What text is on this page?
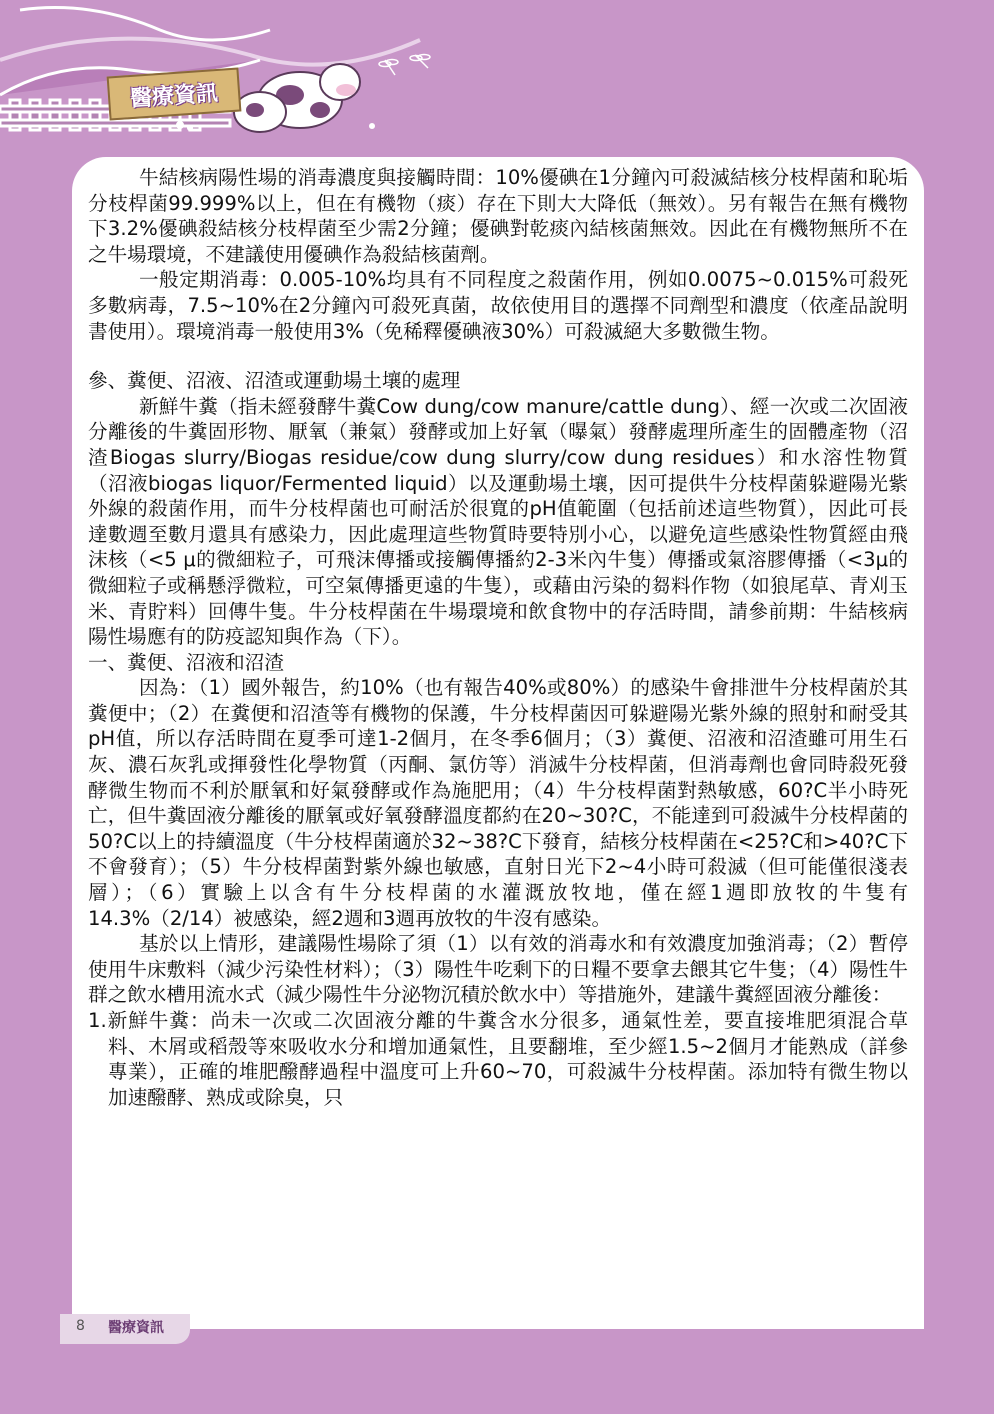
醫療資訊

牛結核病陽性場的消毒濃度與接觸時間：10%優碘在1分鐘內可殺滅結核分枝桿菌和恥垢分枝桿菌99.999%以上，但在有機物（痰）存在下則大大降低（無效）。另有報告在無有機物下3.2%優碘殺結核分枝桿菌至少需2分鐘；優碘對乾痰內結核菌無效。因此在有機物無所不在之牛場環境，不建議使用優碘作為殺結核菌劑。

一般定期消毒：0.005-10%均具有不同程度之殺菌作用，例如0.0075~0.015%可殺死多數病毒，7.5~10%在2分鐘內可殺死真菌，故依使用目的選擇不同劑型和濃度（依產品說明書使用）。環境消毒一般使用3%（免稀釋優碘液30%）可殺滅絕大多數微生物。

參、糞便、沼液、沼渣或運動場土壤的處理

新鮮牛糞（指未經發酵牛糞Cow dung/cow manure/cattle dung）、經一次或二次固液分離後的牛糞固形物、厭氧（兼氣）發酵或加上好氧（曝氣）發酵處理所產生的固體產物（沼渣Biogas slurry/Biogas residue/cow dung slurry/cow dung residues）和水溶性物質（沼液biogas liquor/Fermented liquid）以及運動場土壤，因可提供牛分枝桿菌躲避陽光紫外線的殺菌作用，而牛分枝桿菌也可耐活於很寬的pH值範圍（包括前述這些物質），因此可長達數週至數月還具有感染力，因此處理這些物質時要特別小心，以避免這些感染性物質經由飛沫核（<5 μ的微細粒子，可飛沫傳播或接觸傳播約2-3米內牛隻）傳播或氣溶膠傳播（<3μ的微細粒子或稱懸浮微粒，可空氣傳播更遠的牛隻），或藉由污染的芻料作物（如狼尾草、青刈玉米、青貯料）回傳牛隻。牛分枝桿菌在牛場環境和飲食物中的存活時間，請參前期：牛結核病陽性場應有的防疫認知與作為（下）。

一、糞便、沼液和沼渣

因為：（1）國外報告，約10%（也有報告40%或80%）的感染牛會排泄牛分枝桿菌於其糞便中；（2）在糞便和沼渣等有機物的保護，牛分枝桿菌因可躲避陽光紫外線的照射和耐受其pH值，所以存活時間在夏季可達1-2個月，在冬季6個月；（3）糞便、沼液和沼渣雖可用生石灰、濃石灰乳或揮發性化學物質（丙酮、氯仿等）消滅牛分枝桿菌，但消毒劑也會同時殺死發酵微生物而不利於厭氧和好氣發酵或作為施肥用；（4）牛分枝桿菌對熱敏感，60?C半小時死亡，但牛糞固液分離後的厭氧或好氧發酵溫度都約在20~30?C，不能達到可殺滅牛分枝桿菌的50?C以上的持續溫度（牛分枝桿菌適於32~38?C下發育，結核分枝桿菌在<25?C和>40?C下不會發育）；（5）牛分枝桿菌對紫外線也敏感，直射日光下2~4小時可殺滅（但可能僅很淺表層）；（6）實驗上以含有牛分枝桿菌的水灌溉放牧地，僅在經1週即放牧的牛隻有14.3%（2/14）被感染，經2週和3週再放牧的牛沒有感染。

基於以上情形，建議陽性場除了須（1）以有效的消毒水和有效濃度加強消毒；（2）暫停使用牛床敷料（減少污染性材料）；（3）陽性牛吃剩下的日糧不要拿去餵其它牛隻；（4）陽性牛群之飲水槽用流水式（減少陽性牛分泌物沉積於飲水中）等措施外，建議牛糞經固液分離後：

1.新鮮牛糞：尚未一次或二次固液分離的牛糞含水分很多，通氣性差，要直接堆肥須混合草料、木屑或稻殼等來吸收水分和增加通氣性，且要翻堆，至少經1.5~2個月才能熟成（詳參專業），正確的堆肥醱酵過程中溫度可上升60~70，可殺滅牛分枝桿菌。添加特有微生物以加速醱酵、熟成或除臭，只

8 醫療資訊
